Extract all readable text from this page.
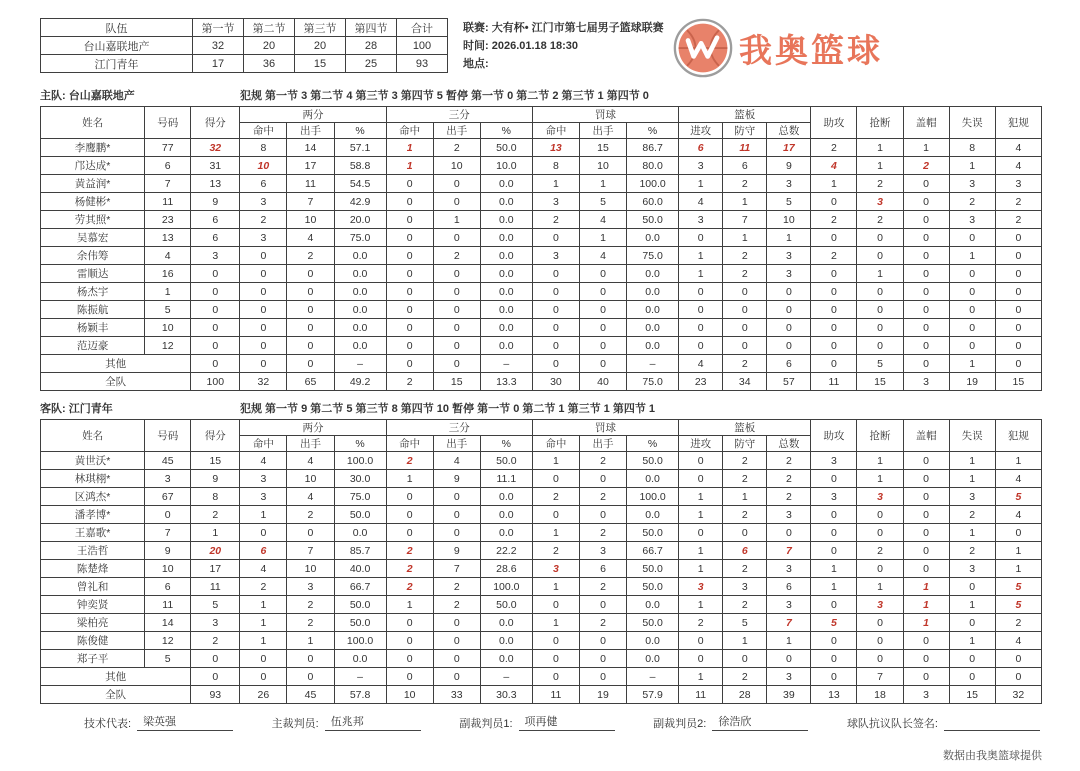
队伍	第一节	第二节	第三节	第四节	合计
台山嘉联地产	32	20	20	28	100
江门青年	17	36	15	25	93
联赛: 大有杯• 江门市第七届男子篮球联赛
时间: 2026.01.18 18:30
地点:	我奥篮球
主队: 台山嘉联地产	犯规 第一节 3 第二节 4 第三节 3 第四节 5 暂停 第一节 0 第二节 2 第三节 1 第四节 0
姓名	号码	得分	两分			三分			罚球			篮板			助攻	抢断	盖帽	失误	犯规
			命中	出手	%	命中	出手	%	命中	出手	%	进攻	防守	总数					
李鹰鹏*	77	32	8	14	57.1	1	2	50.0	13	15	86.7	6	11	17	2	1	1	8	4
邝达成*	6	31	10	17	58.8	1	10	10.0	8	10	80.0	3	6	9	4	1	2	1	4
黄益润*	7	13	6	11	54.5	0	0	0.0	1	1	100.0	1	2	3	1	2	0	3	3
杨健彬*	11	9	3	7	42.9	0	0	0.0	3	5	60.0	4	1	5	0	3	0	2	2
劳其照*	23	6	2	10	20.0	0	1	0.0	2	4	50.0	3	7	10	2	2	0	3	2
吴慕宏	13	6	3	4	75.0	0	0	0.0	0	1	0.0	0	1	1	0	0	0	0	0
余伟筹	4	3	0	2	0.0	0	2	0.0	3	4	75.0	1	2	3	2	0	0	1	0
雷顺达	16	0	0	0	0.0	0	0	0.0	0	0	0.0	1	2	3	0	1	0	0	0
杨杰宇	1	0	0	0	0.0	0	0	0.0	0	0	0.0	0	0	0	0	0	0	0	0
陈振航	5	0	0	0	0.0	0	0	0.0	0	0	0.0	0	0	0	0	0	0	0	0
杨颖丰	10	0	0	0	0.0	0	0	0.0	0	0	0.0	0	0	0	0	0	0	0	0
范迈豪	12	0	0	0	0.0	0	0	0.0	0	0	0.0	0	0	0	0	0	0	0	0
其他		0	0	0	–	0	0	–	0	0	–	4	2	6	0	5	0	1	0
全队		100	32	65	49.2	2	15	13.3	30	40	75.0	23	34	57	11	15	3	19	15
客队: 江门青年	犯规 第一节 9 第二节 5 第三节 8 第四节 10 暂停 第一节 0 第二节 1 第三节 1 第四节 1
姓名	号码	得分	两分			三分			罚球			篮板			助攻	抢断	盖帽	失误	犯规
			命中	出手	%	命中	出手	%	命中	出手	%	进攻	防守	总数					
黄世沃*	45	15	4	4	100.0	2	4	50.0	1	2	50.0	0	2	2	3	1	0	1	1
林琪栩*	3	9	3	10	30.0	1	9	11.1	0	0	0.0	0	2	2	0	1	0	1	4
区鸿杰*	67	8	3	4	75.0	0	0	0.0	2	2	100.0	1	1	2	3	3	0	3	5
潘孝博*	0	2	1	2	50.0	0	0	0.0	0	0	0.0	1	2	3	0	0	0	2	4
王嘉歌*	7	1	0	0	0.0	0	0	0.0	1	2	50.0	0	0	0	0	0	0	1	0
王浩哲	9	20	6	7	85.7	2	9	22.2	2	3	66.7	1	6	7	0	2	0	2	1
陈楚烽	10	17	4	10	40.0	2	7	28.6	3	6	50.0	1	2	3	1	0	0	3	1
曾礼和	6	11	2	3	66.7	2	2	100.0	1	2	50.0	3	3	6	1	1	1	0	5
钟奕贤	11	5	1	2	50.0	1	2	50.0	0	0	0.0	1	2	3	0	3	1	1	5
梁柏亮	14	3	1	2	50.0	0	0	0.0	1	2	50.0	2	5	7	5	0	1	0	2
陈俊健	12	2	1	1	100.0	0	0	0.0	0	0	0.0	0	1	1	0	0	0	1	4
郑子平	5	0	0	0	0.0	0	0	0.0	0	0	0.0	0	0	0	0	0	0	0	0
其他		0	0	0	–	0	0	–	0	0	–	1	2	3	0	7	0	0	0
全队		93	26	45	57.8	10	33	30.3	11	19	57.9	11	28	39	13	18	3	15	32
技术代表:	梁英强	主裁判员:	伍兆邦	副裁判员1:	项再健	副裁判员2:	徐浩欣	球队抗议队长签名:
数据由我奥篮球提供
